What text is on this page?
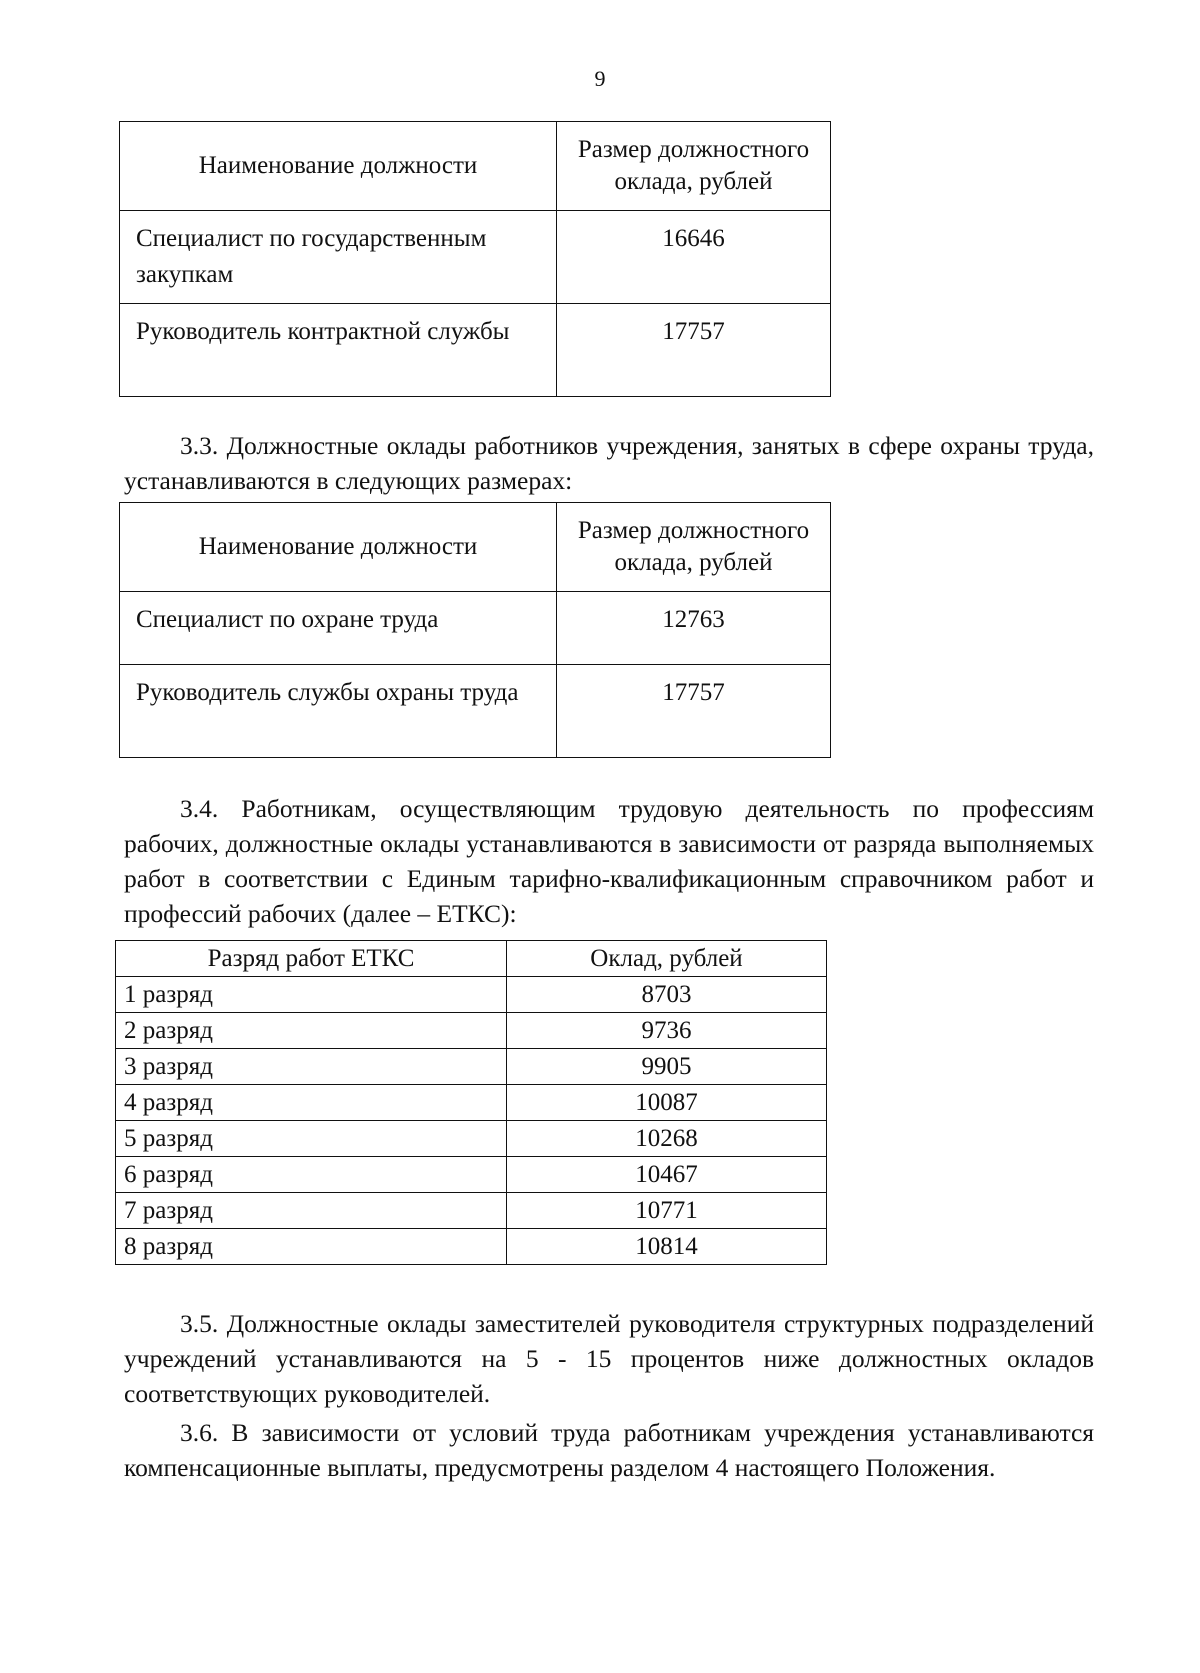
9
Наименование должности	Размер должностного оклада, рублей
Специалист по государственным закупкам	16646
Руководитель контрактной службы	17757
3.3. Должностные оклады работников учреждения, занятых в сфере охраны труда, устанавливаются в следующих размерах:
Наименование должности	Размер должностного оклада, рублей
Специалист по охране труда	12763
Руководитель службы охраны труда	17757
3.4. Работникам, осуществляющим трудовую деятельность по профессиям рабочих, должностные оклады устанавливаются в зависимости от разряда выполняемых работ в соответствии с Единым тарифно-квалификационным справочником работ и профессий рабочих (далее – ЕТКС):
Разряд работ ЕТКС	Оклад, рублей
1 разряд	8703
2 разряд	9736
3 разряд	9905
4 разряд	10087
5 разряд	10268
6 разряд	10467
7 разряд	10771
8 разряд	10814
3.5. Должностные оклады заместителей руководителя структурных подразделений учреждений устанавливаются на 5 - 15 процентов ниже должностных окладов соответствующих руководителей.
3.6. В зависимости от условий труда работникам учреждения устанавливаются компенсационные выплаты, предусмотрены разделом 4 настоящего Положения.
